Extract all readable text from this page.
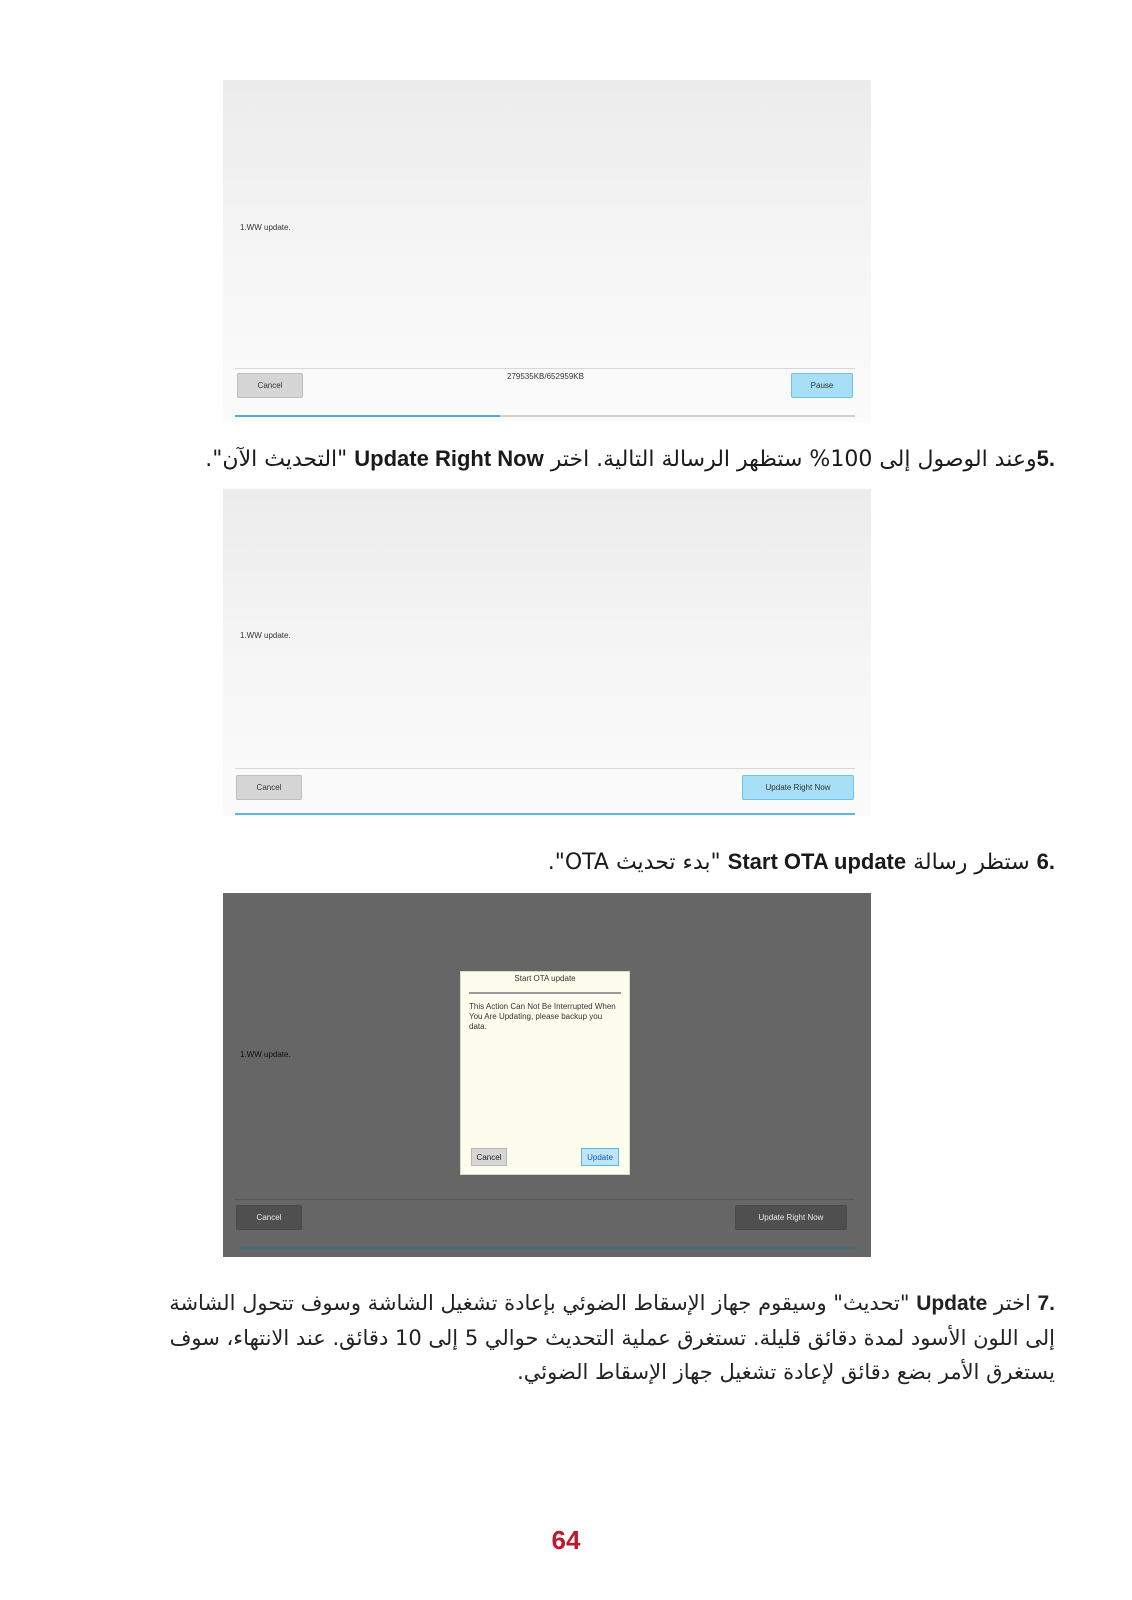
1.WW update.
Cancel
279535KB/652959KB
Pause
.5وعند الوصول إلى 100% ستظهر الرسالة التالية. اختر Update Right Now "التحديث الآن".
1.WW update.
Cancel	Update Right Now
.6 ستظر رسالة Start OTA update "بدء تحديث OTA".
1.WW update.
Start OTA update
This Action Can Not Be Interrupted When You Are Updating, please backup you data.
Cancel	Update
Cancel	Update Right Now
.7 اختر Update "تحديث" وسيقوم جهاز الإسقاط الضوئي بإعادة تشغيل الشاشة وسوف تتحول الشاشة
إلى اللون الأسود لمدة دقائق قليلة. تستغرق عملية التحديث حوالي 5 إلى 10 دقائق. عند الانتهاء، سوف
يستغرق الأمر بضع دقائق لإعادة تشغيل جهاز الإسقاط الضوئي.
64
